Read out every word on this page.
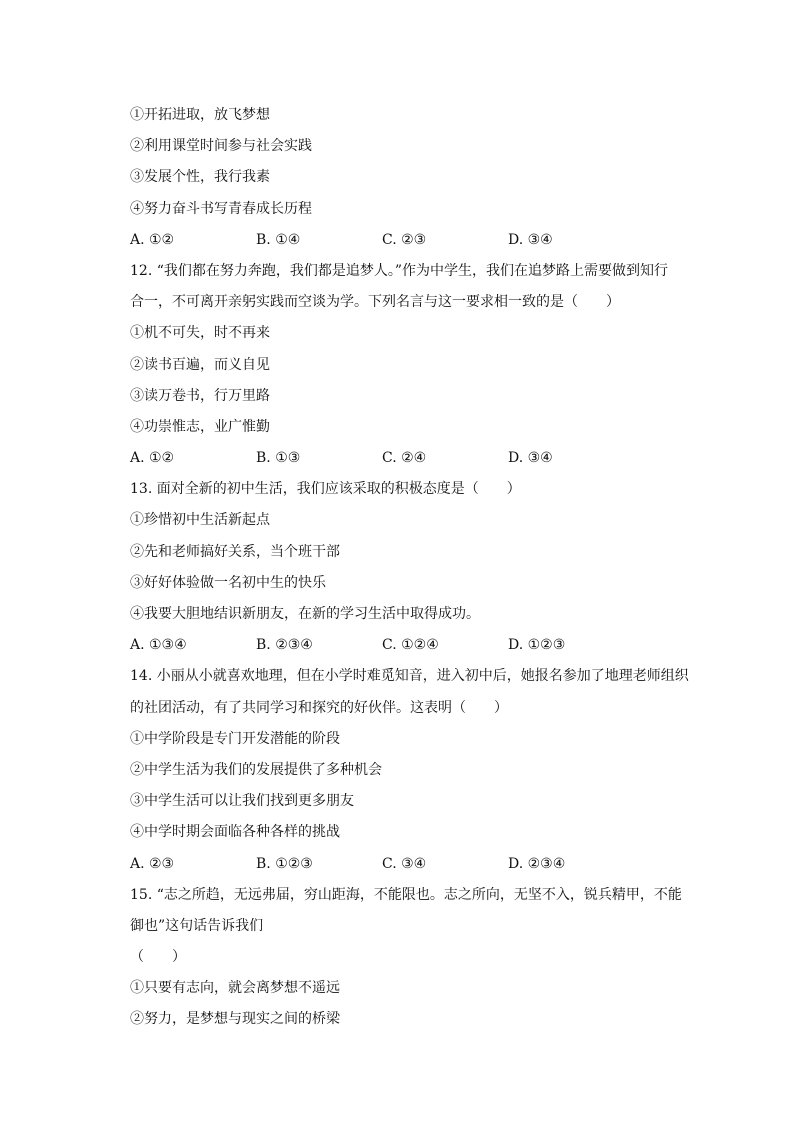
①开拓进取，放飞梦想
②利用课堂时间参与社会实践
③发展个性，我行我素
④努力奋斗书写青春成长历程
A. ①②	B. ①④	C. ②③	D. ③④
12. “我们都在努力奔跑，我们都是追梦人。”作为中学生，我们在追梦路上需要做到知行
合一，不可离开亲躬实践而空谈为学。下列名言与这一要求相一致的是（　　）
①机不可失，时不再来
②读书百遍，而义自见
③读万卷书，行万里路
④功崇惟志，业广惟勤
A. ①②	B. ①③	C. ②④	D. ③④
13. 面对全新的初中生活，我们应该采取的积极态度是（　　）
①珍惜初中生活新起点
②先和老师搞好关系，当个班干部
③好好体验做一名初中生的快乐
④我要大胆地结识新朋友，在新的学习生活中取得成功。
A. ①③④	B. ②③④	C. ①②④	D. ①②③
14. 小丽从小就喜欢地理，但在小学时难觅知音，进入初中后，她报名参加了地理老师组织
的社团活动，有了共同学习和探究的好伙伴。这表明（　　）
①中学阶段是专门开发潜能的阶段
②中学生活为我们的发展提供了多种机会
③中学生活可以让我们找到更多朋友
④中学时期会面临各种各样的挑战
A. ②③	B. ①②③	C. ③④	D. ②③④
15. “志之所趋，无远弗届，穷山距海，不能限也。志之所向，无坚不入，锐兵精甲，不能
御也”这句话告诉我们
（　　）
①只要有志向，就会离梦想不遥远
②努力，是梦想与现实之间的桥梁
